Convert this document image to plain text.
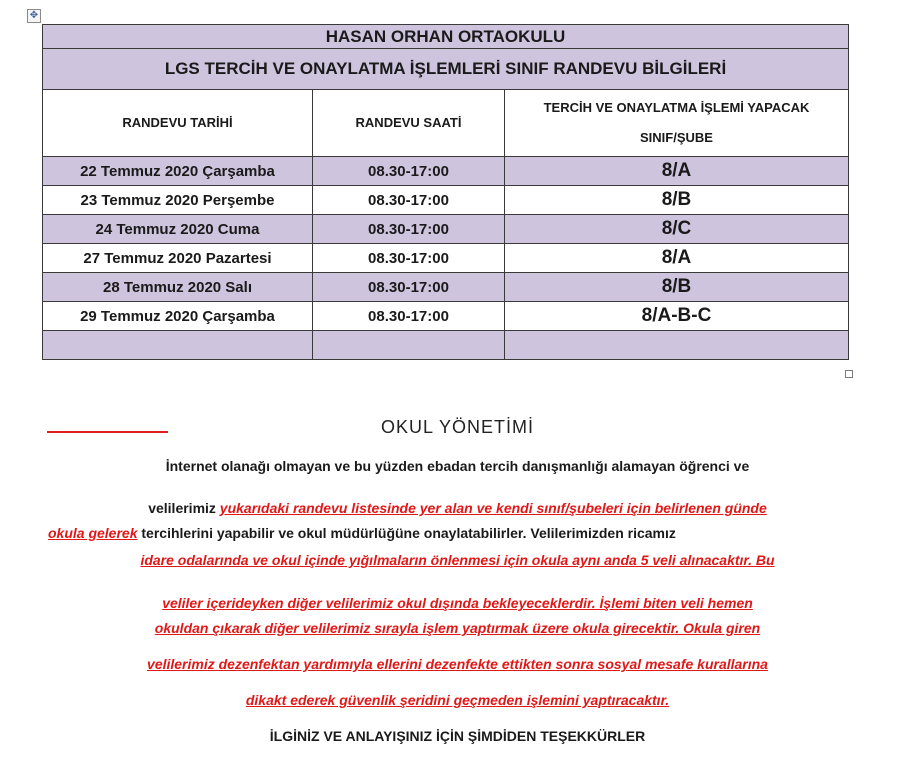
✥
HASAN ORHAN ORTAOKULU		
LGS TERCİH VE ONAYLATMA İŞLEMLERİ SINIF RANDEVU BİLGİLERİ		
RANDEVU TARİHİ	RANDEVU SAATİ	TERCİH VE ONAYLATMA İŞLEMİ YAPACAK
SINIF/ŞUBE
22 Temmuz 2020 Çarşamba	08.30-17:00	8/A
23 Temmuz 2020 Perşembe	08.30-17:00	8/B
24 Temmuz 2020 Cuma	08.30-17:00	8/C
27 Temmuz 2020 Pazartesi	08.30-17:00	8/A
28 Temmuz 2020 Salı	08.30-17:00	8/B
29 Temmuz 2020 Çarşamba	08.30-17:00	8/A-B-C

OKUL YÖNETİMİ
İnternet olanağı olmayan ve bu yüzden ebadan tercih danışmanlığı alamayan öğrenci ve
velilerimiz yukarıdaki randevu listesinde yer alan ve kendi sınıf/şubeleri için belirlenen günde
okula gelerek tercihlerini yapabilir ve okul müdürlüğüne onaylatabilirler. Velilerimizden ricamız
idare odalarında ve okul içinde yığılmaların önlenmesi için okula aynı anda 5 veli alınacaktır. Bu
veliler içerideyken diğer velilerimiz okul dışında bekleyeceklerdir. İşlemi biten veli hemen
okuldan çıkarak diğer velilerimiz sırayla işlem yaptırmak üzere okula girecektir. Okula giren
velilerimiz dezenfektan yardımıyla ellerini dezenfekte ettikten sonra sosyal mesafe kurallarına
dikakt ederek güvenlik şeridini geçmeden işlemini yaptıracaktır.
İLGİNİZ VE ANLAYIŞINIZ İÇİN ŞİMDİDEN TEŞEKKÜRLER
